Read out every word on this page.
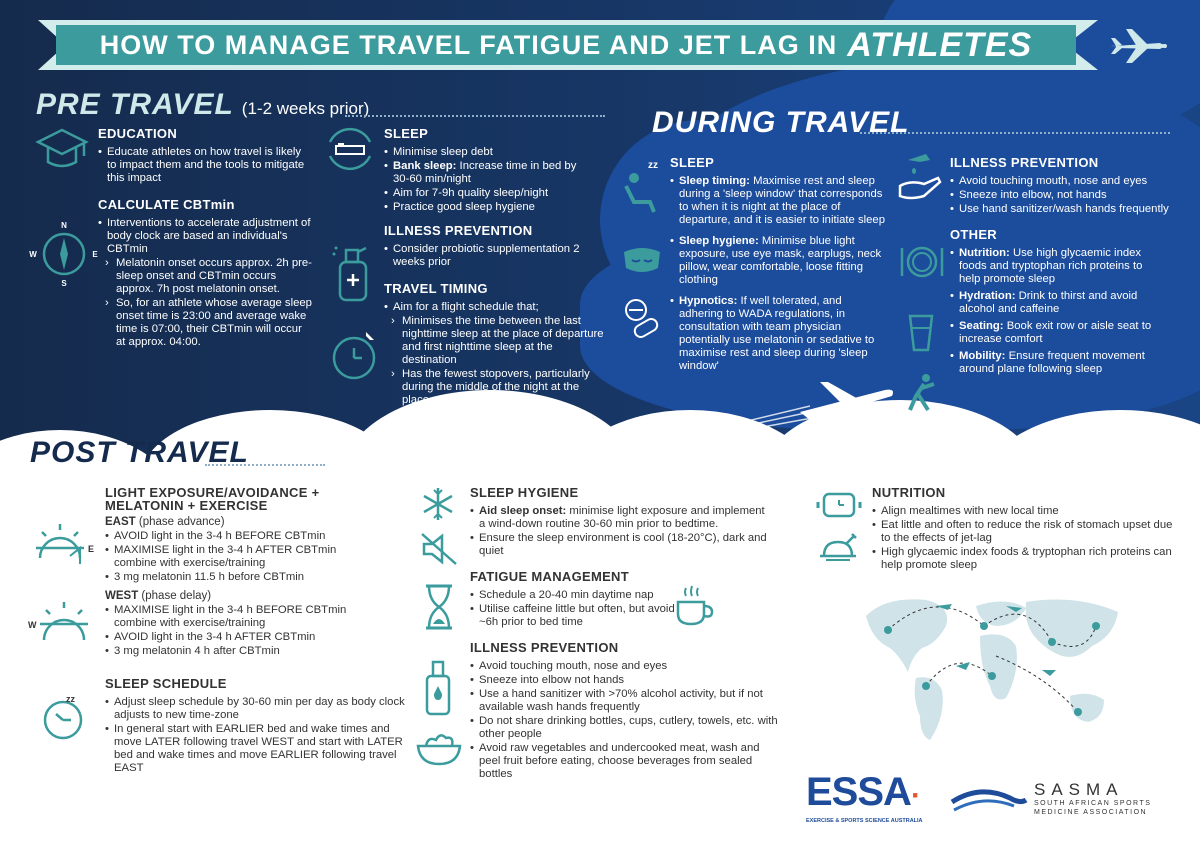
HOW TO MANAGE TRAVEL FATIGUE AND JET LAG IN ATHLETES
PRE TRAVEL (1-2 weeks prior)
EDUCATION
• Educate athletes on how travel is likely to impact them and the tools to mitigate this impact
N
W	E
S
CALCULATE CBTmin
• Interventions to accelerate adjustment of body clock are based an individual's CBTmin
› Melatonin onset occurs approx. 2h pre-sleep onset and CBTmin occurs approx. 7h post melatonin onset.
› So, for an athlete whose average sleep onset time is 23:00 and average wake time is 07:00, their CBTmin will occur at approx. 04:00.
SLEEP
• Minimise sleep debt
• Bank sleep: Increase time in bed by 30-60 min/night
• Aim for 7-9h quality sleep/night
• Practice good sleep hygiene
ILLNESS PREVENTION
• Consider probiotic supplementation 2 weeks prior
TRAVEL TIMING
• Aim for a flight schedule that;
› Minimises the time between the last nighttime sleep at the place of departure and first nighttime sleep at the destination
› Has the fewest stopovers, particularly during the middle of the night at the place of departure time
DURING TRAVEL
zz SLEEP
• Sleep timing: Maximise rest and sleep during a 'sleep window' that corresponds to when it is night at the place of departure, and it is easier to initiate sleep
• Sleep hygiene: Minimise blue light exposure, use eye mask, earplugs, neck pillow, wear comfortable, loose fitting clothing
• Hypnotics: If well tolerated, and adhering to WADA regulations, in consultation with team physician potentially use melatonin or sedative to maximise rest and sleep during 'sleep window'
ILLNESS PREVENTION
• Avoid touching mouth, nose and eyes
• Sneeze into elbow, not hands
• Use hand sanitizer/wash hands frequently
OTHER
• Nutrition: Use high glycaemic index foods and tryptophan rich proteins to help promote sleep
• Hydration: Drink to thirst and avoid alcohol and caffeine
• Seating: Book exit row or aisle seat to increase comfort
• Mobility: Ensure frequent movement around plane following sleep
POST TRAVEL
E
W
LIGHT EXPOSURE/AVOIDANCE + MELATONIN + EXERCISE
EAST (phase advance)
• AVOID light in the 3-4 h BEFORE CBTmin
• MAXIMISE light in the 3-4 h AFTER CBTmin combine with exercise/training
• 3 mg melatonin 11.5 h before CBTmin
WEST (phase delay)
• MAXIMISE light in the 3-4 h BEFORE CBTmin combine with exercise/training
• AVOID light in the 3-4 h AFTER CBTmin
• 3 mg melatonin 4 h after CBTmin
zz
SLEEP SCHEDULE
• Adjust sleep schedule by 30-60 min per day as body clock adjusts to new time-zone
• In general start with EARLIER bed and wake times and move LATER following travel WEST and start with LATER bed and wake times and move EARLIER following travel EAST
SLEEP HYGIENE
• Aid sleep onset: minimise light exposure and implement a wind-down routine 30-60 min prior to bedtime.
• Ensure the sleep environment is cool (18-20°C), dark and quiet
FATIGUE MANAGEMENT
• Schedule a 20-40 min daytime nap
• Utilise caffeine little but often, but avoid ~6h prior to bed time
ILLNESS PREVENTION
• Avoid touching mouth, nose and eyes
• Sneeze into elbow not hands
• Use a hand sanitizer with >70% alcohol activity, but if not available wash hands frequently
• Do not share drinking bottles, cups, cutlery, towels, etc. with other people
• Avoid raw vegetables and undercooked meat, wash and peel fruit before eating, choose beverages from sealed bottles
NUTRITION
• Align mealtimes with new local time
• Eat little and often to reduce the risk of stomach upset due to the effects of jet-lag
• High glycaemic index foods & tryptophan rich proteins can help promote sleep
ESSA·
EXERCISE & SPORTS SCIENCE AUSTRALIA
SASMA
SOUTH AFRICAN SPORTS
MEDICINE ASSOCIATION
